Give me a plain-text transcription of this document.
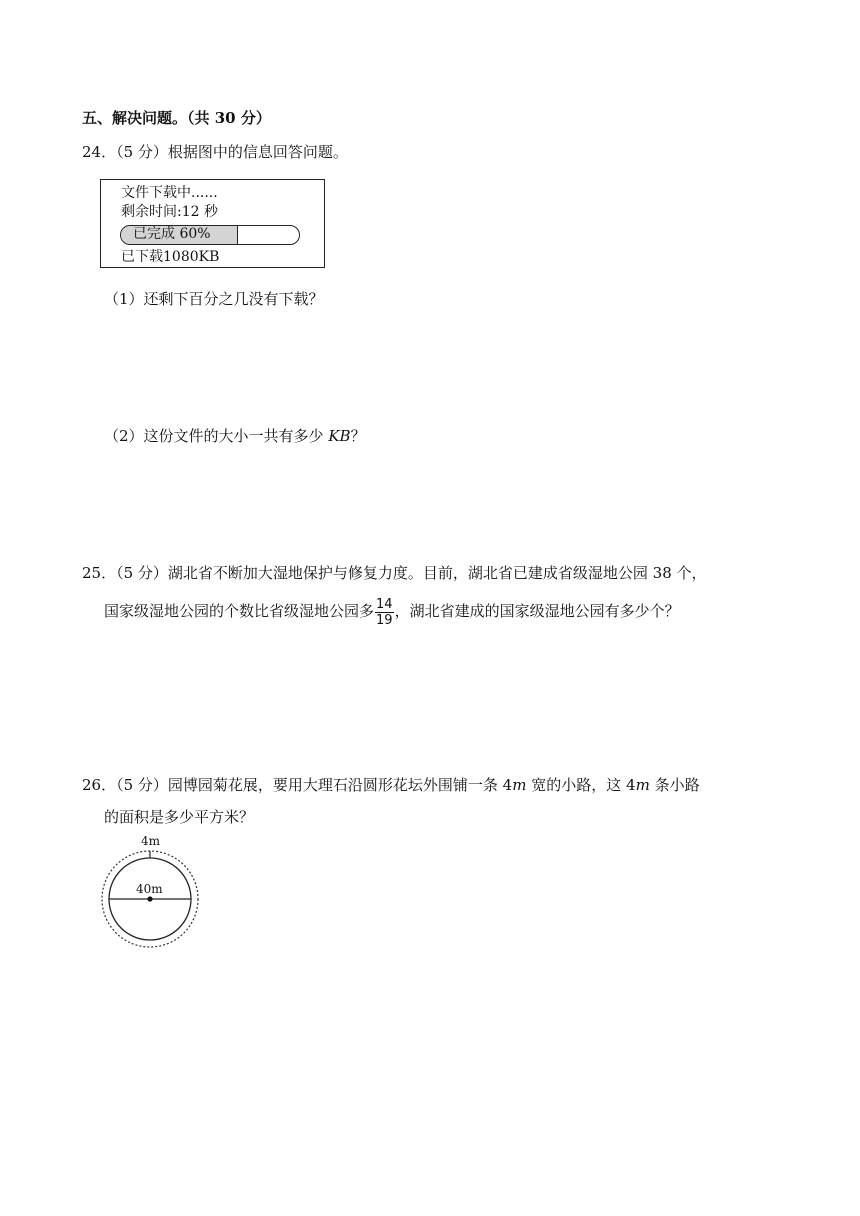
五、解决问题。（共 30 分）
24．（5 分）根据图中的信息回答问题。
文件下载中......
剩余时间:12 秒
已完成 60%
已下载1080KB
（1）还剩下百分之几没有下载？
（2）这份文件的大小一共有多少 KB？
25．（5 分）湖北省不断加大湿地保护与修复力度。目前，湖北省已建成省级湿地公园 38 个，
国家级湿地公园的个数比省级湿地公园多 $\frac{14}{19}$ ，湖北省建成的国家级湿地公园有多少个？
26．（5 分）园博园菊花展，要用大理石沿圆形花坛外围铺一条 4m 宽的小路，这 4m 条小路
的面积是多少平方米？
4m
40m
